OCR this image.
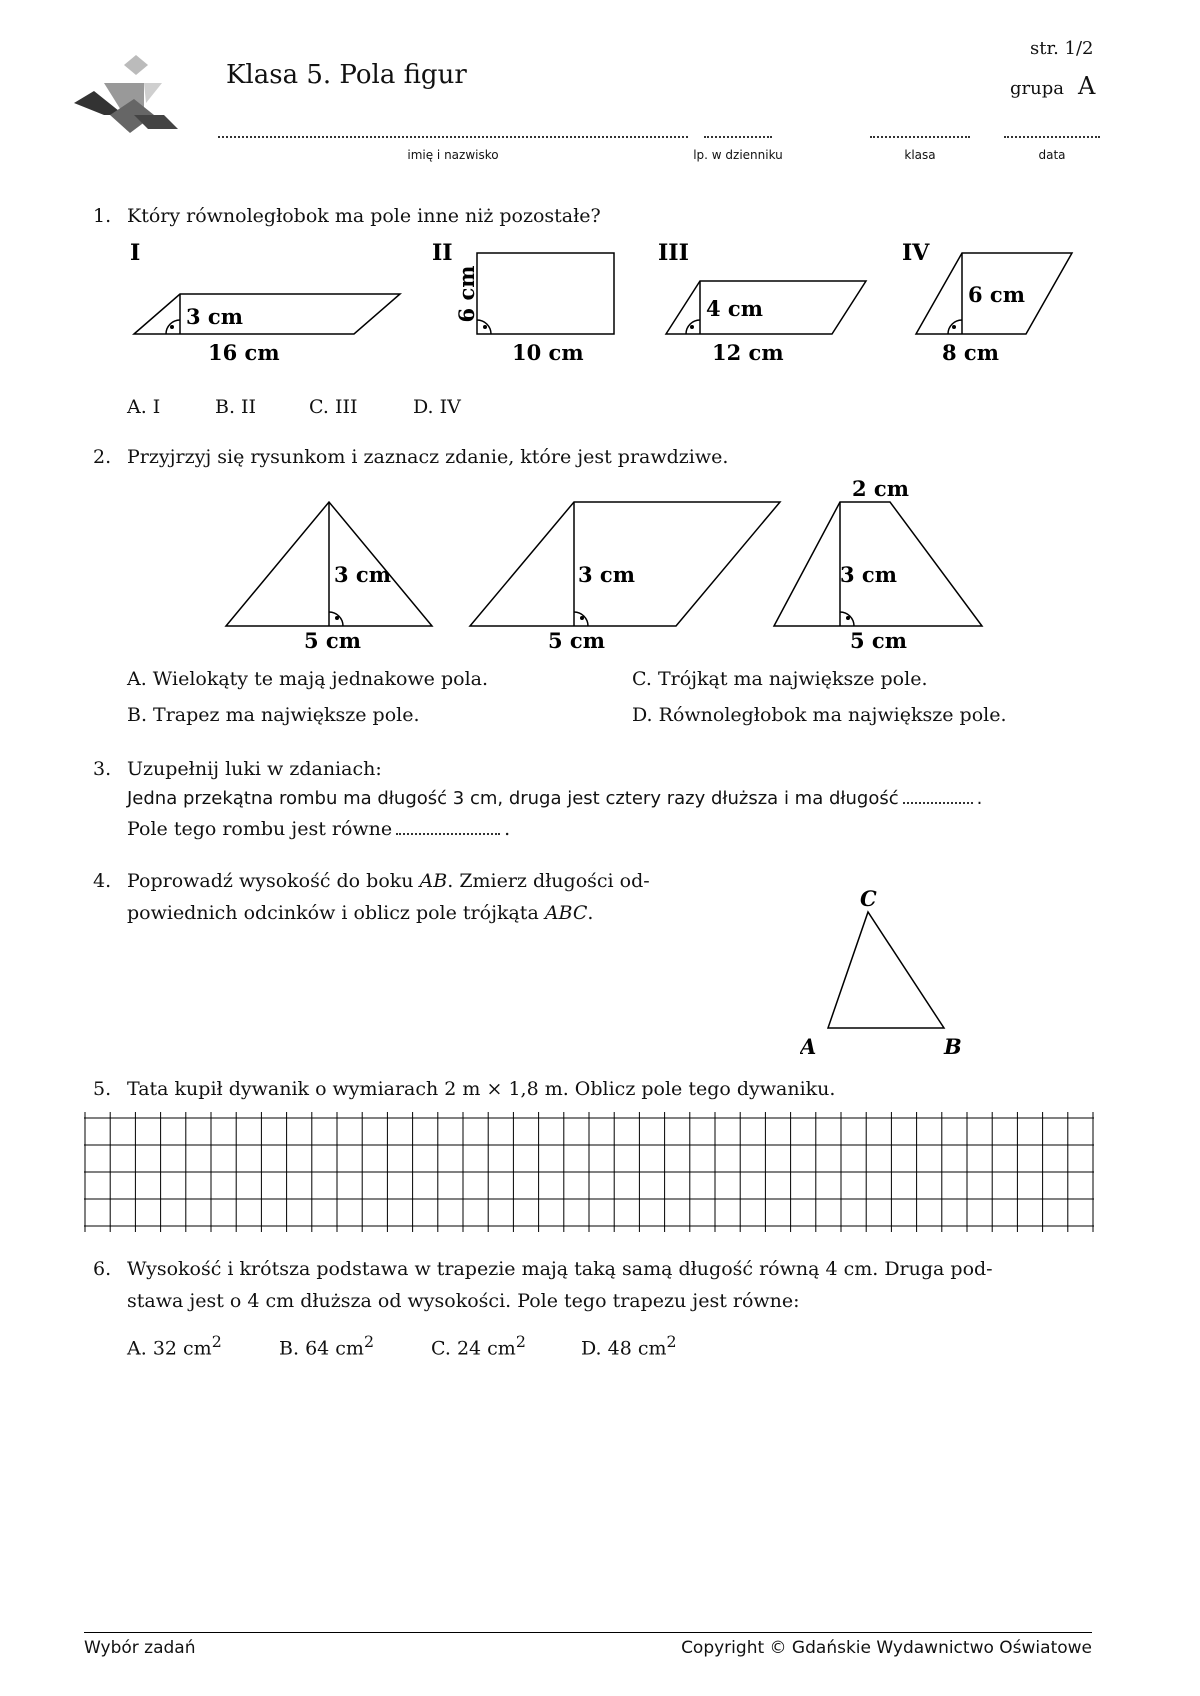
Klasa 5. Pola figur
str. 1/2
grupa A
imię i nazwisko	lp. w dzienniku	klasa	data
1. Który równoległobok ma pole inne niż pozostałe?
I
3 cm
16 cm
II
6 cm
10 cm
III
4 cm
12 cm
IV
6 cm
8 cm
A. I	B. II	C. III	D. IV
2. Przyjrzyj się rysunkom i zaznacz zdanie, które jest prawdziwe.
3 cm
5 cm
3 cm
5 cm
3 cm
5 cm
2 cm
A. Wielokąty te mają jednakowe pola.	C. Trójkąt ma największe pole.
B. Trapez ma największe pole.	D. Równoległobok ma największe pole.
3. Uzupełnij luki w zdaniach:
Jedna przekątna rombu ma długość 3 cm, druga jest cztery razy dłuższa i ma długość	.
Pole tego rombu jest równe	.
4. Poprowadź wysokość do boku AB. Zmierz długości od-
powiednich odcinków i oblicz pole trójkąta ABC.
A	B
C
5. Tata kupił dywanik o wymiarach 2 m × 1,8 m. Oblicz pole tego dywaniku.
6. Wysokość i krótsza podstawa w trapezie mają taką samą długość równą 4 cm. Druga pod-
stawa jest o 4 cm dłuższa od wysokości. Pole tego trapezu jest równe:
A. 32 $cm^2$	B. 64 $cm^2$	C. 24 $cm^2$	D. 48 $cm^2$
Wybór zadań	Copyright © Gdańskie Wydawnictwo Oświatowe
